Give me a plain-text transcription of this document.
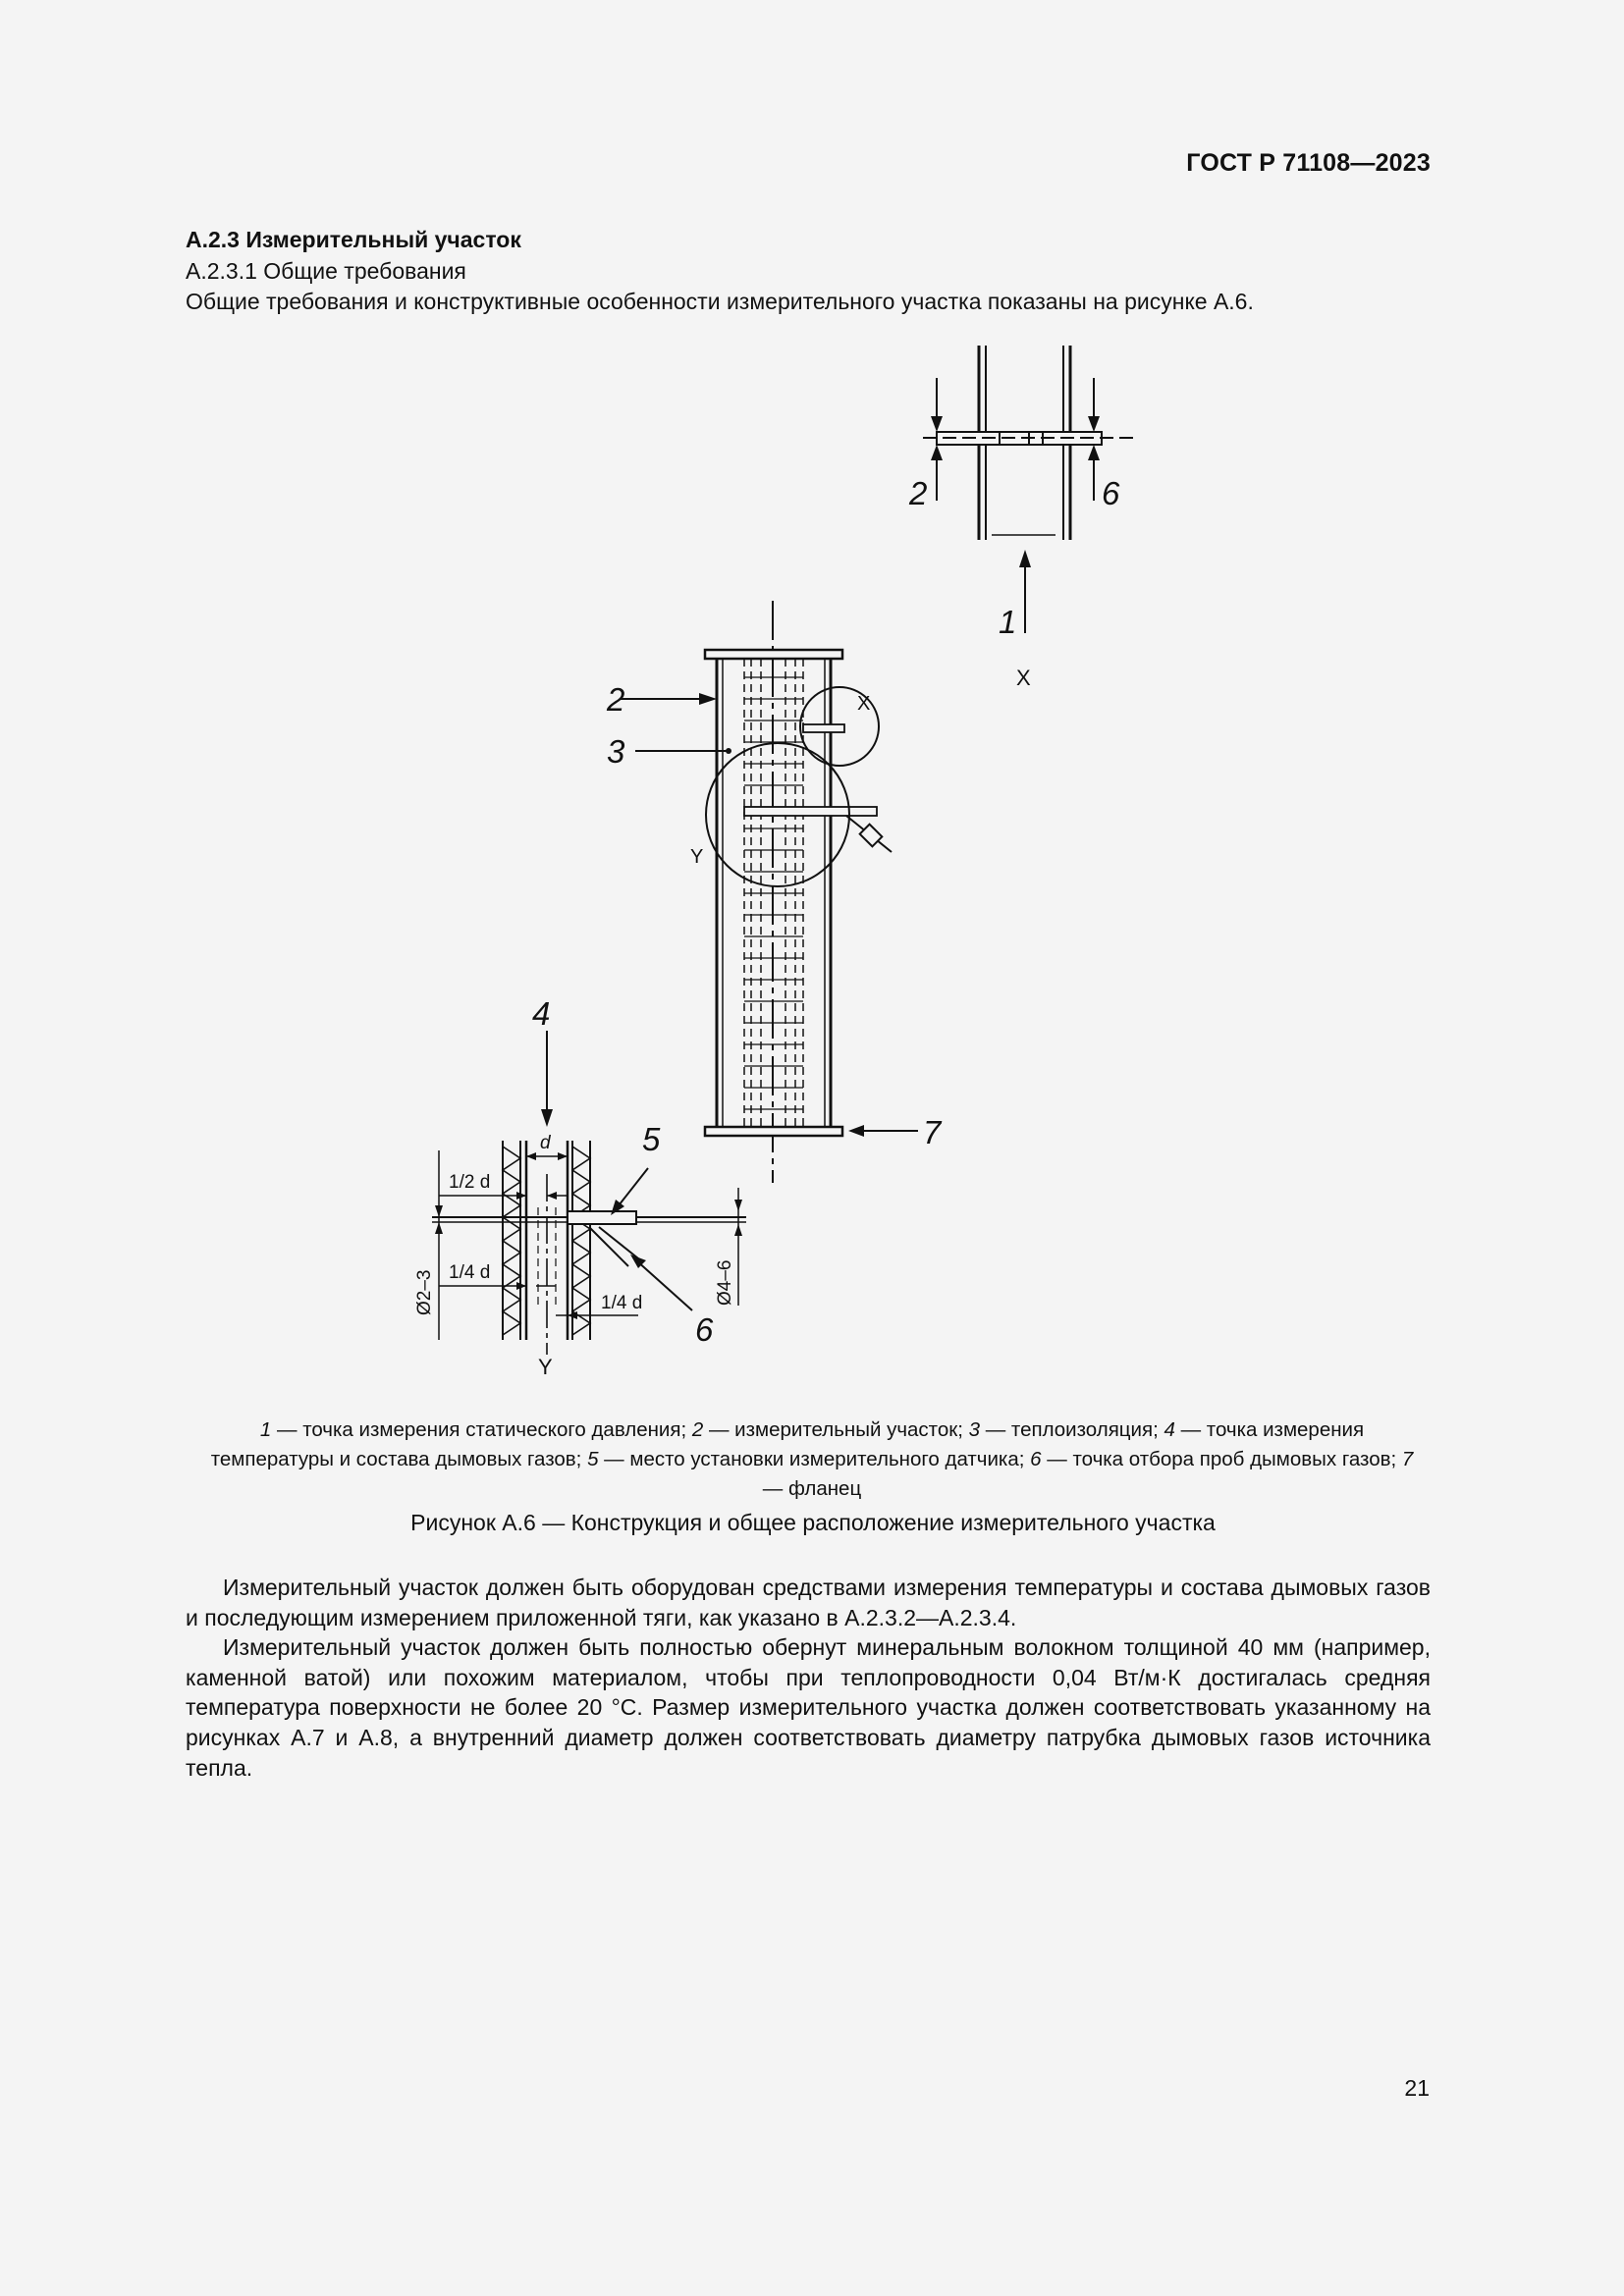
ГОСТ Р 71108—2023
А.2.3 Измерительный участок
А.2.3.1 Общие требования
Общие требования и конструктивные особенности измерительного участка показаны на рисунке А.6.
2	6
1
X
2
3
X
Y
7
4
5
6
d
1/2 d
1/4 d
1/4 d
Ø2–3	Ø4–6
Y
1 — точка измерения статического давления; 2 — измерительный участок; 3 — теплоизоляция; 4 — точка измерения температуры и состава дымовых газов; 5 — место установки измерительного датчика; 6 — точка отбора проб дымовых газов; 7 — фланец
Рисунок А.6 — Конструкция и общее расположение измерительного участка

Измерительный участок должен быть оборудован средствами измерения температуры и состава дымовых газов и последующим измерением приложенной тяги, как указано в А.2.3.2—А.2.3.4.

Измерительный участок должен быть полностью обернут минеральным волокном толщиной 40 мм (например, каменной ватой) или похожим материалом, чтобы при теплопроводности 0,04 Вт/м·К достигалась средняя температура поверхности не более 20 °С. Размер измерительного участка должен соответствовать указанному на рисунках А.7 и А.8, а внутренний диаметр должен соответствовать диаметру патрубка дымовых газов источника тепла.

21
